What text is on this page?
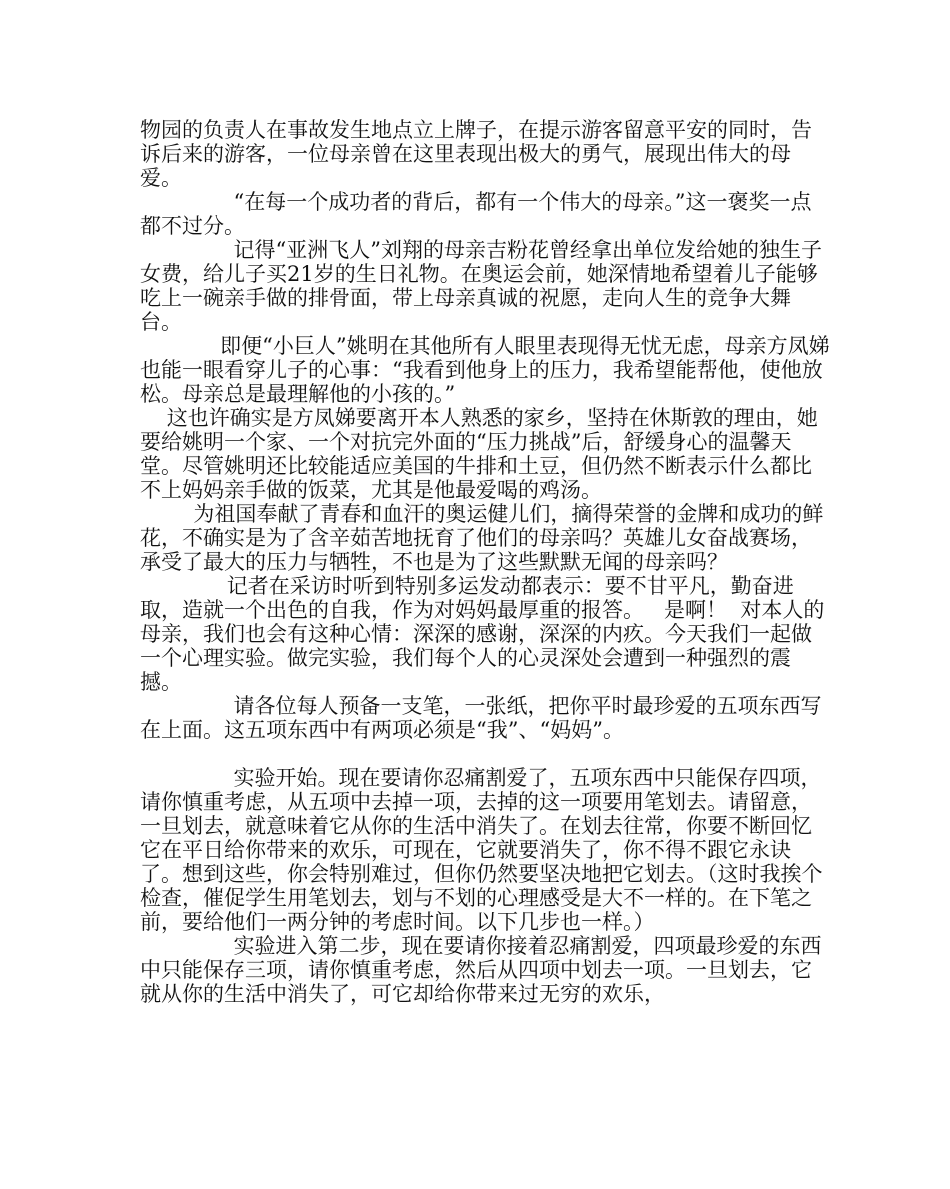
物园的负责人在事故发生地点立上牌子，在提示游客留意平安的同时，告诉后来的游客，一位母亲曾在这里表现出极大的勇气，展现出伟大的母爱。

“在每一个成功者的背后，都有一个伟大的母亲。”这一褒奖一点都不过分。

记得“亚洲飞人”刘翔的母亲吉粉花曾经拿出单位发给她的独生子女费，给儿子买21岁的生日礼物。在奥运会前，她深情地希望着儿子能够吃上一碗亲手做的排骨面，带上母亲真诚的祝愿，走向人生的竞争大舞台。

即便“小巨人”姚明在其他所有人眼里表现得无忧无虑，母亲方凤娣也能一眼看穿儿子的心事：“我看到他身上的压力，我希望能帮他，使他放松。母亲总是最理解他的小孩的。”

这也许确实是方凤娣要离开本人熟悉的家乡，坚持在休斯敦的理由，她要给姚明一个家、一个对抗完外面的“压力挑战”后，舒缓身心的温馨天堂。尽管姚明还比较能适应美国的牛排和土豆，但仍然不断表示什么都比不上妈妈亲手做的饭菜，尤其是他最爱喝的鸡汤。

为祖国奉献了青春和血汗的奥运健儿们，摘得荣誉的金牌和成功的鲜花，不确实是为了含辛茹苦地抚育了他们的母亲吗？英雄儿女奋战赛场，承受了最大的压力与牺牲，不也是为了这些默默无闻的母亲吗？

记者在采访时听到特别多运发动都表示：要不甘平凡，勤奋进取，造就一个出色的自我，作为对妈妈最厚重的报答。   是啊！  对本人的母亲，我们也会有这种心情：深深的感谢，深深的内疚。今天我们一起做一个心理实验。做完实验，我们每个人的心灵深处会遭到一种强烈的震撼。

请各位每人预备一支笔，一张纸，把你平时最珍爱的五项东西写在上面。这五项东西中有两项必须是“我”、“妈妈”。

实验开始。现在要请你忍痛割爱了，五项东西中只能保存四项，请你慎重考虑，从五项中去掉一项，去掉的这一项要用笔划去。请留意，一旦划去，就意味着它从你的生活中消失了。在划去往常，你要不断回忆它在平日给你带来的欢乐，可现在，它就要消失了，你不得不跟它永诀了。想到这些，你会特别难过，但你仍然要坚决地把它划去。（这时我挨个检查，催促学生用笔划去，划与不划的心理感受是大不一样的。在下笔之前，要给他们一两分钟的考虑时间。以下几步也一样。）

实验进入第二步，现在要请你接着忍痛割爱，四项最珍爱的东西中只能保存三项，请你慎重考虑，然后从四项中划去一项。一旦划去，它就从你的生活中消失了，可它却给你带来过无穷的欢乐，
